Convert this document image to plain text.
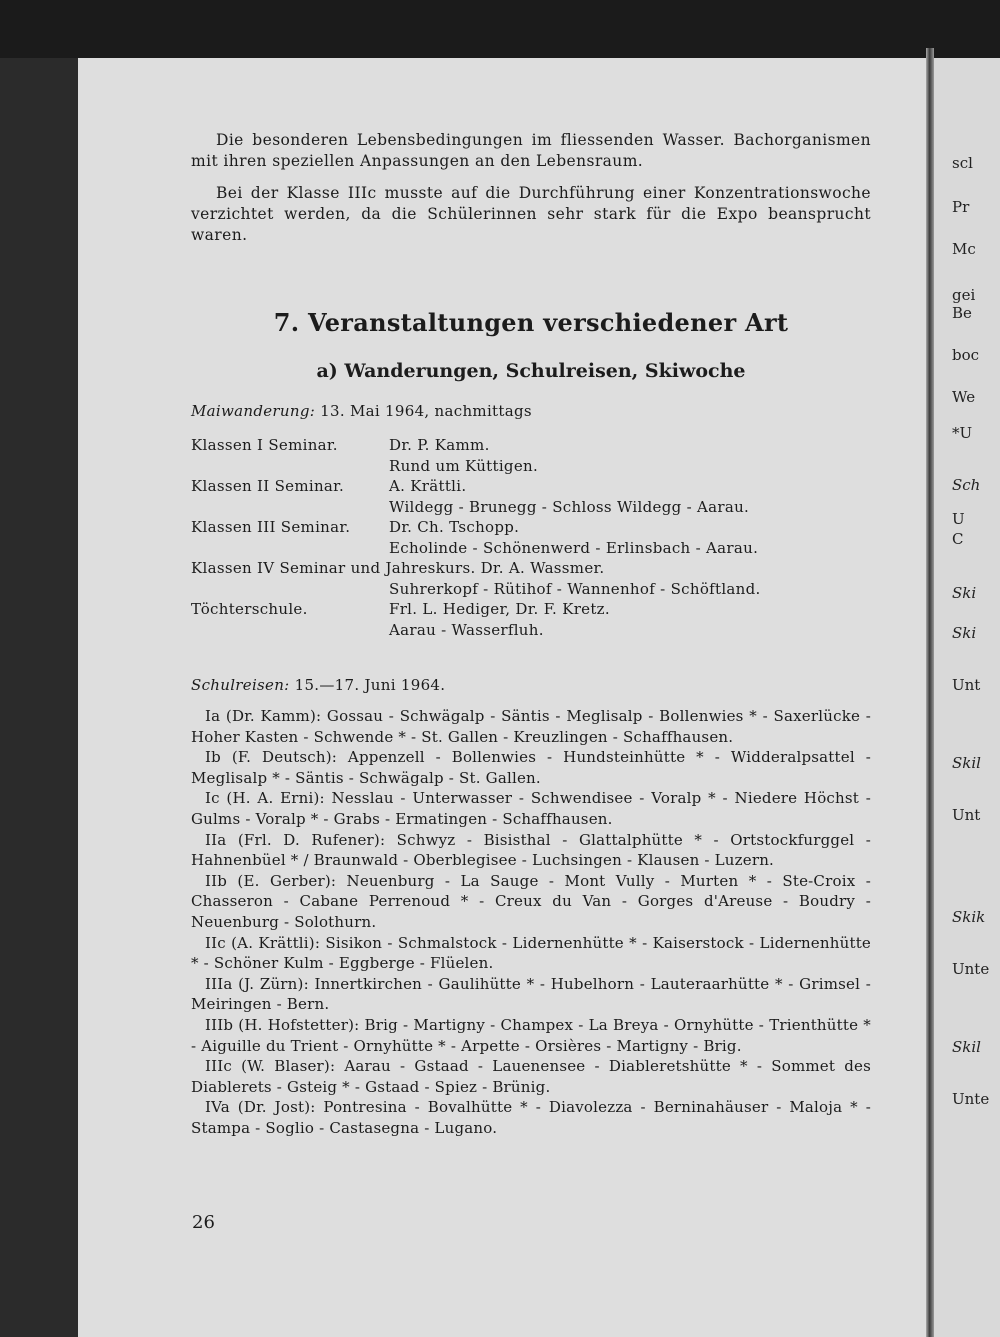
Die besonderen Lebensbedingungen im fliessenden Wasser. Bachorganismen mit ihren speziellen Anpassungen an den Lebensraum.

Bei der Klasse IIIc musste auf die Durchführung einer Konzentrationswoche verzichtet werden, da die Schülerinnen sehr stark für die Expo beansprucht waren.

7. Veranstaltungen verschiedener Art
a) Wanderungen, Schulreisen, Skiwoche

Maiwanderung: 13. Mai 1964, nachmittags

Klassen I Seminar.	Dr. P. Kamm.
Rund um Küttigen.
Klassen II Seminar.	A. Krättli.
Wildegg - Brunegg - Schloss Wildegg - Aarau.
Klassen III Seminar.	Dr. Ch. Tschopp.
Echolinde - Schönenwerd - Erlinsbach - Aarau.
Klassen IV Seminar und Jahreskurs. Dr. A. Wassmer.
Suhrerkopf - Rütihof - Wannenhof - Schöftland.
Töchterschule.	Frl. L. Hediger, Dr. F. Kretz.
Aarau - Wasserfluh.

Schulreisen: 15.—17. Juni 1964.

Ia (Dr. Kamm): Gossau - Schwägalp - Säntis - Meglisalp - Bollenwies * - Saxerlücke - Hoher Kasten - Schwende * - St. Gallen - Kreuzlingen - Schaffhausen.

Ib (F. Deutsch): Appenzell - Bollenwies - Hundsteinhütte * - Widderalpsattel - Meglisalp * - Säntis - Schwägalp - St. Gallen.

Ic (H. A. Erni): Nesslau - Unterwasser - Schwendisee - Voralp * - Niedere Höchst - Gulms - Voralp * - Grabs - Ermatingen - Schaffhausen.

IIa (Frl. D. Rufener): Schwyz - Bisisthal - Glattalphütte * - Ortstockfurggel - Hahnenbüel * / Braunwald - Oberblegisee - Luchsingen - Klausen - Luzern.

IIb (E. Gerber): Neuenburg - La Sauge - Mont Vully - Murten * - Ste-Croix - Chasseron - Cabane Perrenoud * - Creux du Van - Gorges d'Areuse - Boudry - Neuenburg - Solothurn.

IIc (A. Krättli): Sisikon - Schmalstock - Lidernenhütte * - Kaiserstock - Lidernenhütte * - Schöner Kulm - Eggberge - Flüelen.

IIIa (J. Zürn): Innertkirchen - Gaulihütte * - Hubelhorn - Lauteraarhütte * - Grimsel - Meiringen - Bern.

IIIb (H. Hofstetter): Brig - Martigny - Champex - La Breya - Ornyhütte - Trienthütte * - Aiguille du Trient - Ornyhütte * - Arpette - Orsières - Martigny - Brig.

IIIc (W. Blaser): Aarau - Gstaad - Lauenensee - Diableretshütte * - Sommet des Diablerets - Gsteig * - Gstaad - Spiez - Brünig.

IVa (Dr. Jost): Pontresina - Bovalhütte * - Diavolezza - Berninahäuser - Maloja * - Stampa - Soglio - Castasegna - Lugano.

26

scl
Pr
Mc
gei
Be
boc
We
*U
Sch
U
C
Ski
Ski
Unt
Skil
Unt
Skik
Unte
Skil
Unte
